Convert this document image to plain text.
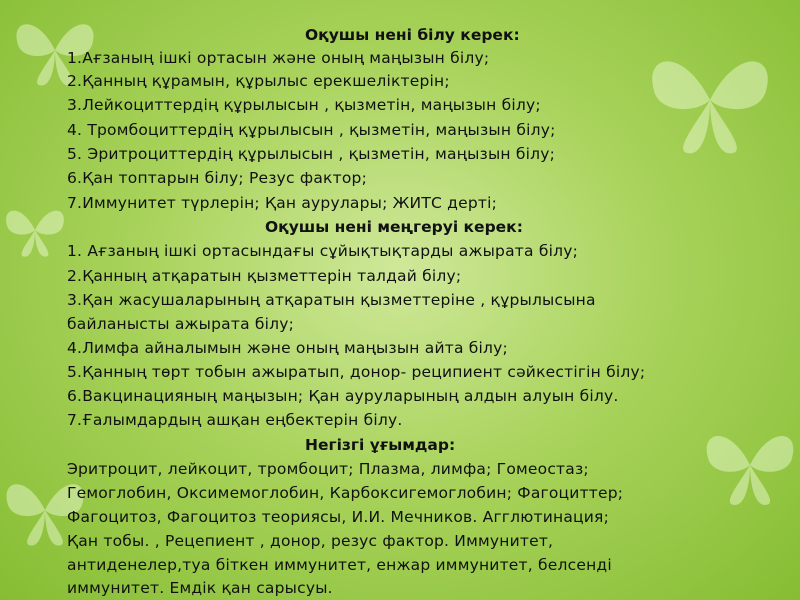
Оқушы нені білу керек:
1.Ағзаның ішкі ортасын және оның маңызын білу;
2.Қанның құрамын, құрылыс ерекшеліктерін;
3.Лейкоциттердің құрылысын , қызметін, маңызын білу;
4. Тромбоциттердің құрылысын , қызметін, маңызын білу;
5. Эритроциттердің құрылысын , қызметін, маңызын білу;
6.Қан топтарын білу; Резус фактор;
7.Иммунитет түрлерін; Қан аурулары; ЖИТС дерті;
Оқушы нені меңгеруі керек:
1. Ағзаның ішкі ортасындағы сұйықтықтарды ажырата білу;
2.Қанның атқаратын қызметтерін талдай білу;
3.Қан жасушаларының атқаратын қызметтеріне , құрылысына
байланысты ажырата білу;
4.Лимфа айналымын және оның маңызын айта білу;
5.Қанның төрт тобын ажыратып, донор- реципиент сәйкестігін білу;
6.Вакцинацияның маңызын; Қан ауруларының алдын алуын білу.
7.Ғалымдардың ашқан еңбектерін білу.
Негізгі ұғымдар:
Эритроцит, лейкоцит, тромбоцит; Плазма, лимфа; Гомеостаз;
Гемоглобин, Оксимемоглобин, Карбоксигемоглобин; Фагоциттер;
Фагоцитоз, Фагоцитоз теориясы, И.И. Мечников. Агглютинация;
Қан тобы. , Рецепиент , донор, резус фактор. Иммунитет,
антиденелер,туа біткен иммунитет, енжар иммунитет, белсенді
иммунитет. Емдік қан сарысуы.
